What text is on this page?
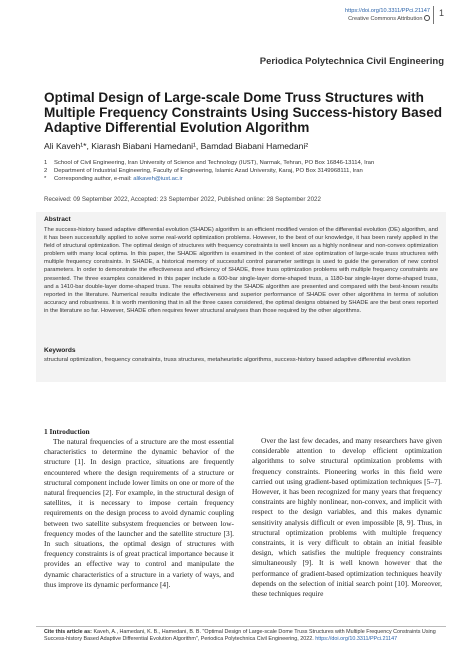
https://doi.org/10.3311/PPci.21147
Creative Commons Attribution
1
Periodica Polytechnica Civil Engineering
Optimal Design of Large-scale Dome Truss Structures with Multiple Frequency Constraints Using Success-history Based Adaptive Differential Evolution Algorithm
Ali Kaveh¹*, Kiarash Biabani Hamedani¹, Bamdad Biabani Hamedani²
1 School of Civil Engineering, Iran University of Science and Technology (IUST), Narmak, Tehran, PO Box 16846-13114, Iran
2 Department of Industrial Engineering, Faculty of Engineering, Islamic Azad University, Karaj, PO Box 3149968111, Iran
* Corresponding author, e-mail: alikaveh@iust.ac.ir
Received: 09 September 2022, Accepted: 23 September 2022, Published online: 28 September 2022
Abstract
The success-history based adaptive differential evolution (SHADE) algorithm is an efficient modified version of the differential evolution (DE) algorithm, and it has been successfully applied to solve some real-world optimization problems. However, to the best of our knowledge, it has been rarely applied in the field of structural optimization. The optimal design of structures with frequency constraints is well known as a highly nonlinear and non-convex optimization problem with many local optima. In this paper, the SHADE algorithm is examined in the context of size optimization of large-scale truss structures with multiple frequency constraints. In SHADE, a historical memory of successful control parameter settings is used to guide the generation of new control parameters. In order to demonstrate the effectiveness and efficiency of SHADE, three truss optimization problems with multiple frequency constraints are presented. The three examples considered in this paper include a 600-bar single-layer dome-shaped truss, a 1180-bar single-layer dome-shaped truss, and a 1410-bar double-layer dome-shaped truss. The results obtained by the SHADE algorithm are presented and compared with the best-known results reported in the literature. Numerical results indicate the effectiveness and superior performance of SHADE over other algorithms in terms of solution accuracy and robustness. It is worth mentioning that in all the three cases considered, the optimal designs obtained by SHADE are the best ones reported in the literature so far. However, SHADE often requires fewer structural analyses than those required by the other algorithms.
Keywords
structural optimization, frequency constraints, truss structures, metaheuristic algorithms, success-history based adaptive differential evolution
1 Introduction

The natural frequencies of a structure are the most essential characteristics to determine the dynamic behavior of the structure [1]. In design practice, situations are frequently encountered where the design requirements of a structure or structural component include lower limits on one or more of the natural frequencies [2]. For example, in the structural design of satellites, it is necessary to impose certain frequency requirements on the design process to avoid dynamic coupling between two satellite subsystem frequencies or between low-frequency modes of the launcher and the satellite structure [3]. In such situations, the optimal design of structures with frequency constraints is of great practical importance because it provides an effective way to control and manipulate the dynamic characteristics of a structure in a variety of ways, and thus improve its dynamic performance [4].

Over the last few decades, and many researchers have given considerable attention to develop efficient optimization algorithms to solve structural optimization problems with frequency constraints. Pioneering works in this field were carried out using gradient-based optimization techniques [5–7]. However, it has been recognized for many years that frequency constraints are highly nonlinear, non-convex, and implicit with respect to the design variables, and this makes dynamic sensitivity analysis difficult or even impossible [8, 9]. Thus, in structural optimization problems with multiple frequency constraints, it is very difficult to obtain an initial feasible design, which satisfies the multiple frequency constraints simultaneously [9]. It is well known however that the performance of gradient-based optimization techniques heavily depends on the selection of initial search point [10]. Moreover, these techniques require

Cite this article as: Kaveh, A., Hamedani, K. B., Hamedani, B. B. "Optimal Design of Large-scale Dome Truss Structures with Multiple Frequency Constraints Using Success-history Based Adaptive Differential Evolution Algorithm", Periodica Polytechnica Civil Engineering, 2022. https://doi.org/10.3311/PPci.21147
